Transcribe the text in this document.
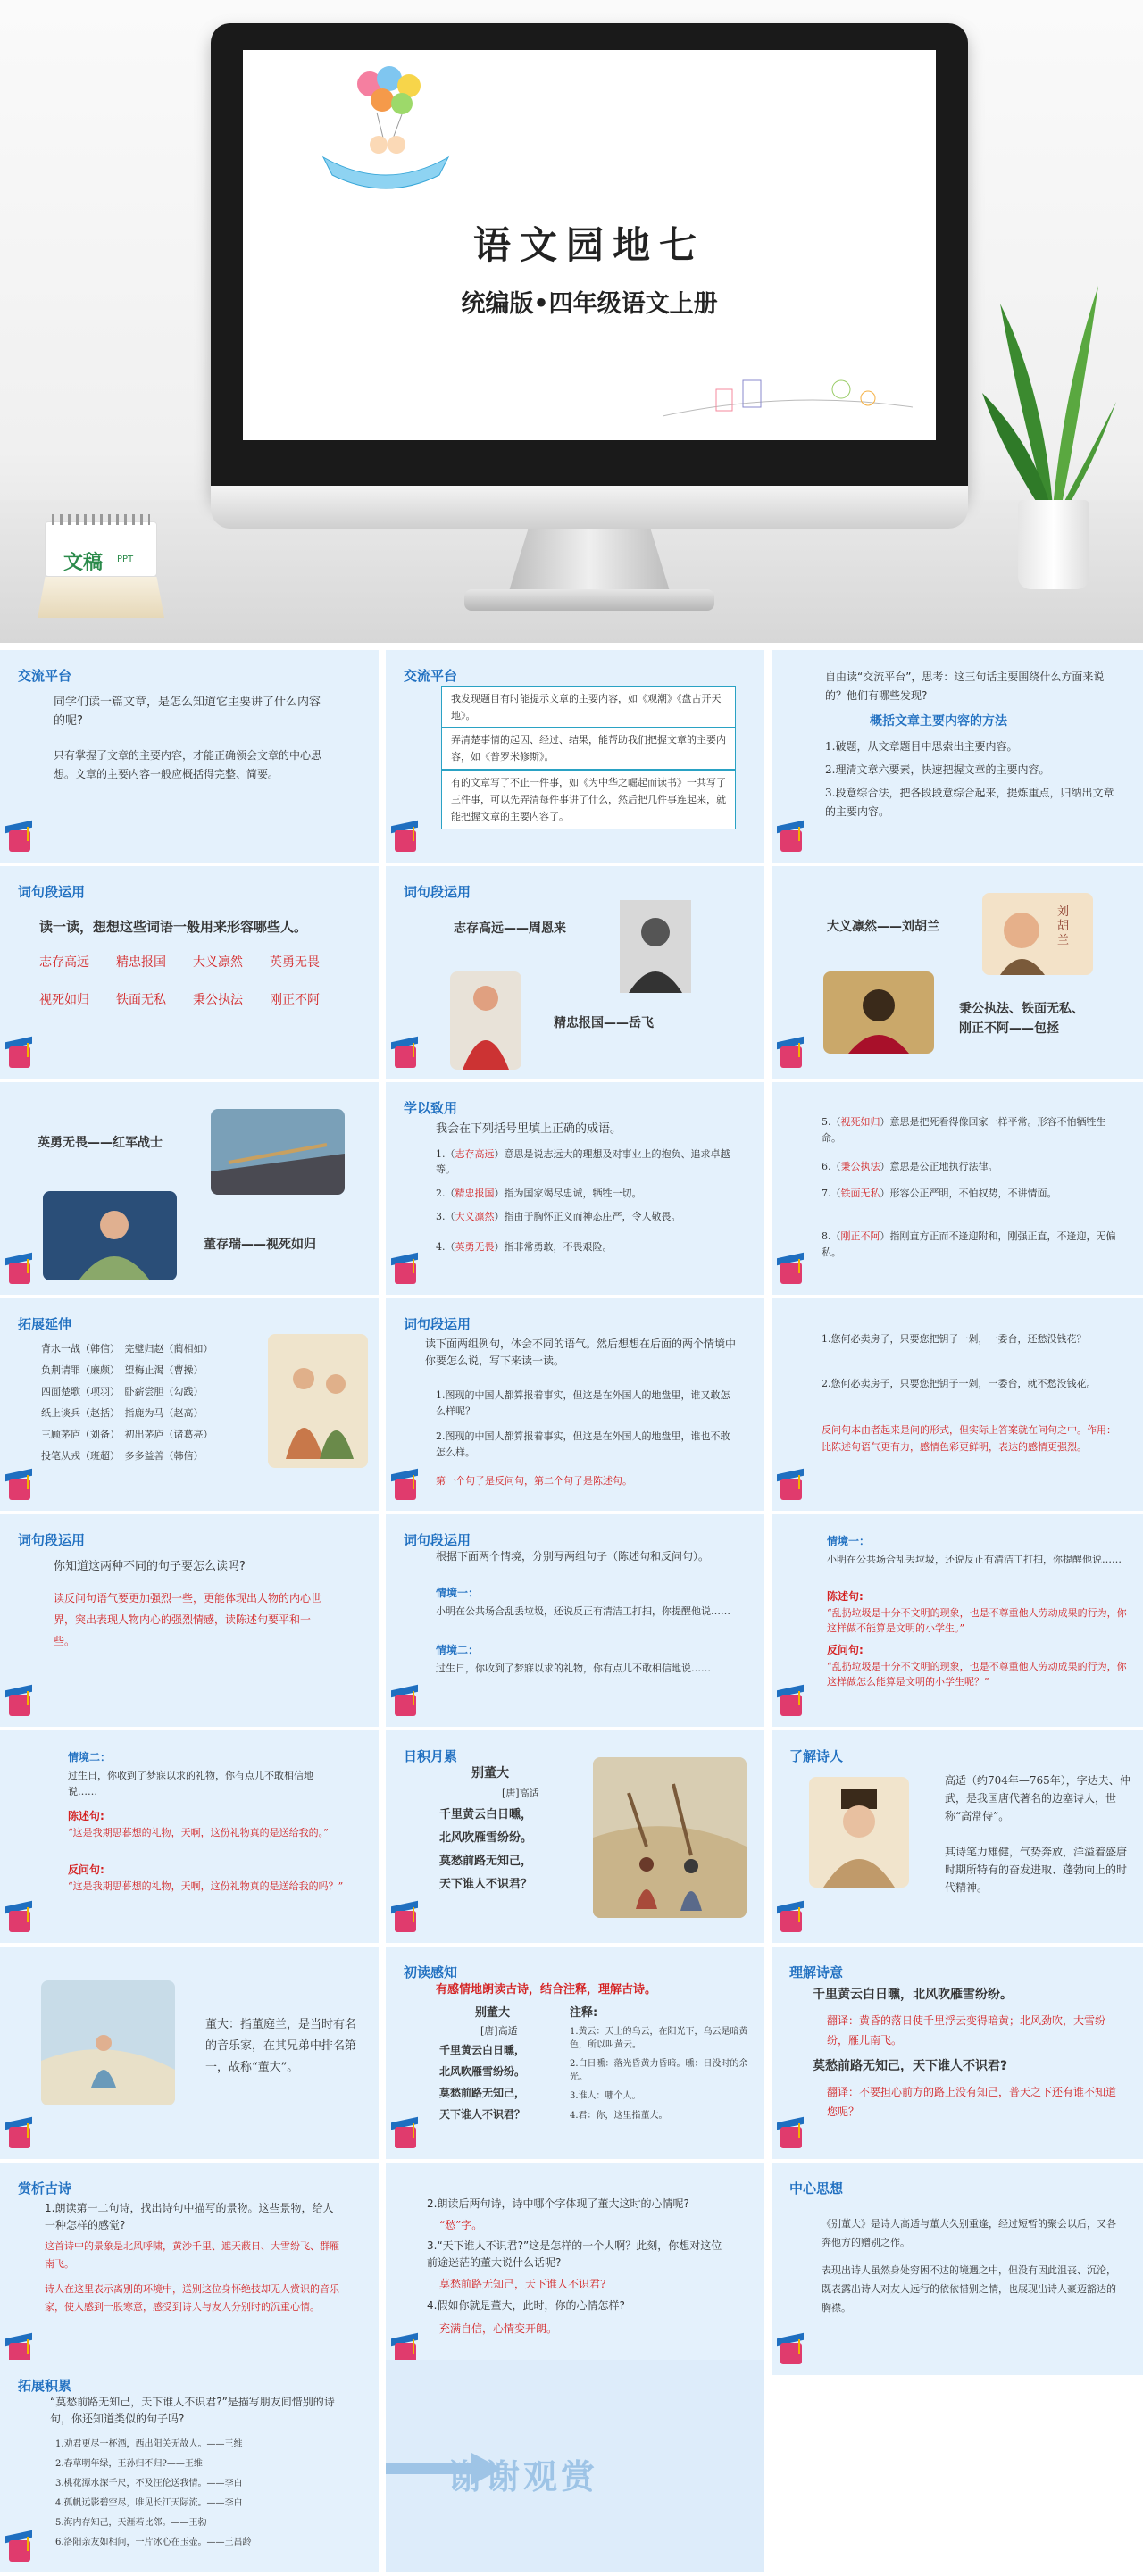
语文园地七
统编版•四年级语文上册
文稿 PPT
交流平台
同学们读一篇文章，是怎么知道它主要讲了什么内容的呢?
只有掌握了文章的主要内容，才能正确领会文章的中心思想。文章的主要内容一般应概括得完整、简要。
交流平台
我发现题目有时能提示文章的主要内容，如《观潮》《盘古开天地》。
弄清楚事情的起因、经过、结果，能帮助我们把握文章的主要内容，如《普罗米修斯》。
有的文章写了不止一件事，如《为中华之崛起而读书》一共写了三件事，可以先弄清每件事讲了什么，然后把几件事连起来，就能把握文章的主要内容了。
自由读“交流平台”，思考：这三句话主要围绕什么方面来说的？他们有哪些发现?
概括文章主要内容的方法
1.破题，从文章题目中思索出主要内容。
2.理清文章六要素，快速把握文章的主要内容。
3.段意综合法，把各段段意综合起来，提炼重点，归纳出文章的主要内容。
词句段运用
读一读，想想这些词语一般用来形容哪些人。
志存高远 精忠报国 大义凛然 英勇无畏
视死如归 铁面无私 秉公执法 刚正不阿
词句段运用
志存高远——周恩来
精忠报国——岳飞
大义凛然——刘胡兰
刘胡兰
秉公执法、铁面无私、
刚正不阿——包拯
英勇无畏——红军战士
董存瑞——视死如归
学以致用
我会在下列括号里填上正确的成语。
1.（志存高远）意思是说志远大的理想及对事业上的抱负、追求卓越等。
2.（精忠报国）指为国家竭尽忠诚，牺牲一切。
3.（大义凛然）指由于胸怀正义而神态庄严，令人敬畏。
4.（英勇无畏）指非常勇敢，不畏艰险。
5.（视死如归）意思是把死看得像回家一样平常。形容不怕牺牲生命。
6.（秉公执法）意思是公正地执行法律。
7.（铁面无私）形容公正严明，不怕权势，不讲情面。
8.（刚正不阿）指刚直方正而不逢迎附和，刚强正直，不逢迎，无偏私。
拓展延伸
背水一战（韩信）　 完璧归赵（蔺相如）
负荆请罪（廉颇）　 望梅止渴（曹操）
四面楚歌（项羽）　 卧薪尝胆（勾践）
纸上谈兵（赵括）　 指鹿为马（赵高）
三顾茅庐（刘备）　 初出茅庐（诸葛亮）
投笔从戎（班超）　 多多益善（韩信）
词句段运用
读下面两组例句，体会不同的语气。然后想想在后面的两个情境中你要怎么说，写下来读一读。
1.图现的中国人都算报着事实，但这是在外国人的地盘里，谁又敢怎么样呢？
2.图现的中国人都算报着事实，但这是在外国人的地盘里，谁也不敢怎么样。
第一个句子是反问句，第二个句子是陈述句。
1.您何必卖房子，只要您把钥子一剁，一委台，还愁没钱花？
2.您何必卖房子，只要您把钥子一剁，一委台，就不愁没钱花。
反问句本由者起来是问的形式，但实际上答案就在问句之中。作用：比陈述句语气更有力，感情色彩更鲜明，表达的感情更强烈。
词句段运用
你知道这两种不同的句子要怎么读吗?
读反问句语气要更加强烈一些，更能体现出人物的内心世界，突出表现人物内心的强烈情感，读陈述句要平和一些。
词句段运用
根据下面两个情境，分别写两组句子（陈述句和反问句）。
情境一：
小明在公共场合乱丢垃圾，还说反正有清洁工打扫，你提醒他说……
情境二：
过生日，你收到了梦寐以求的礼物，你有点儿不敢相信地说……
情境一：
小明在公共场合乱丢垃圾，还说反正有清洁工打扫，你提醒他说……
陈述句:
“乱扔垃圾是十分不文明的现象，也是不尊重他人劳动成果的行为，你这样做不能算是文明的小学生。”
反问句:
“乱扔垃圾是十分不文明的现象，也是不尊重他人劳动成果的行为，你这样做怎么能算是文明的小学生呢？”
情境二：
过生日，你收到了梦寐以求的礼物，你有点儿不敢相信地说……
陈述句:
“这是我期思暮想的礼物，天啊，这份礼物真的是送给我的。”
反问句:
“这是我期思暮想的礼物，天啊，这份礼物真的是送给我的吗？”
日积月累
别董大
[唐]高适
千里黄云白日曛，
北风吹雁雪纷纷。
莫愁前路无知己，
天下谁人不识君？
了解诗人
高适（约704年—765年），字达夫、仲武，是我国唐代著名的边塞诗人，世称“高常侍”。
其诗笔力雄健，气势奔放，洋溢着盛唐时期所特有的奋发进取、蓬勃向上的时代精神。
董大：指董庭兰，是当时有名的音乐家，在其兄弟中排名第一，故称“董大”。
初读感知
有感情地朗读古诗，结合注释，理解古诗。
别董大
[唐]高适
千里黄云白日曛，
北风吹雁雪纷纷。
莫愁前路无知己，
天下谁人不识君？
注释:
1.黄云：天上的乌云，在阳光下，乌云是暗黄色，所以叫黄云。
2.白日曛：落光昏黄力昏暗。曛：日没时的余光。
3.谁人：哪个人。
4.君：你，这里指董大。
理解诗意
千里黄云白日曛，北风吹雁雪纷纷。
翻译：黄昏的落日使千里浮云变得暗黄；北风劲吹，大雪纷纷，雁儿南飞。
莫愁前路无知己，天下谁人不识君?
翻译：不要担心前方的路上没有知己，普天之下还有谁不知道您呢？
赏析古诗
1.朗读第一二句诗，找出诗句中描写的景物。这些景物，给人一种怎样的感觉?
这首诗中的景象是北风呼啸，黄沙千里、遮天蔽日、大雪纷飞、群雁南飞。
诗人在这里表示离别的环境中，送别这位身怀绝技却无人赏识的音乐家，使人感到一股寒意，感受到诗人与友人分别时的沉重心情。
2.朗读后两句诗，诗中哪个字体现了董大这时的心情呢?
“愁”字。
3.“天下谁人不识君?”这是怎样的一个人啊？此刻，你想对这位前途迷茫的董大说什么话呢?
莫愁前路无知己，天下谁人不识君?
4.假如你就是董大，此时，你的心情怎样?
充满自信，心情变开朗。
中心思想
《别董大》是诗人高适与董大久别重逢，经过短暂的聚会以后，又各奔他方的赠别之作。
表现出诗人虽然身处穷困不达的境遇之中，但没有因此沮丧、沉沦，既表露出诗人对友人远行的依依惜别之情，也展现出诗人豪迈豁达的胸襟。
拓展积累
“莫愁前路无知己，天下谁人不识君?”是描写朋友间惜别的诗句，你还知道类似的句子吗?
1.劝君更尽一杯酒，西出阳关无故人。——王维
2.春草明年绿，王孙归不归?——王维
3.桃花潭水深千尺，不及汪伦送我情。——李白
4.孤帆远影碧空尽，唯见长江天际流。——李白
5.海内存知己，天涯若比邻。——王勃
6.洛阳亲友如相问，一片冰心在玉壶。——王昌龄
谢谢观赏
